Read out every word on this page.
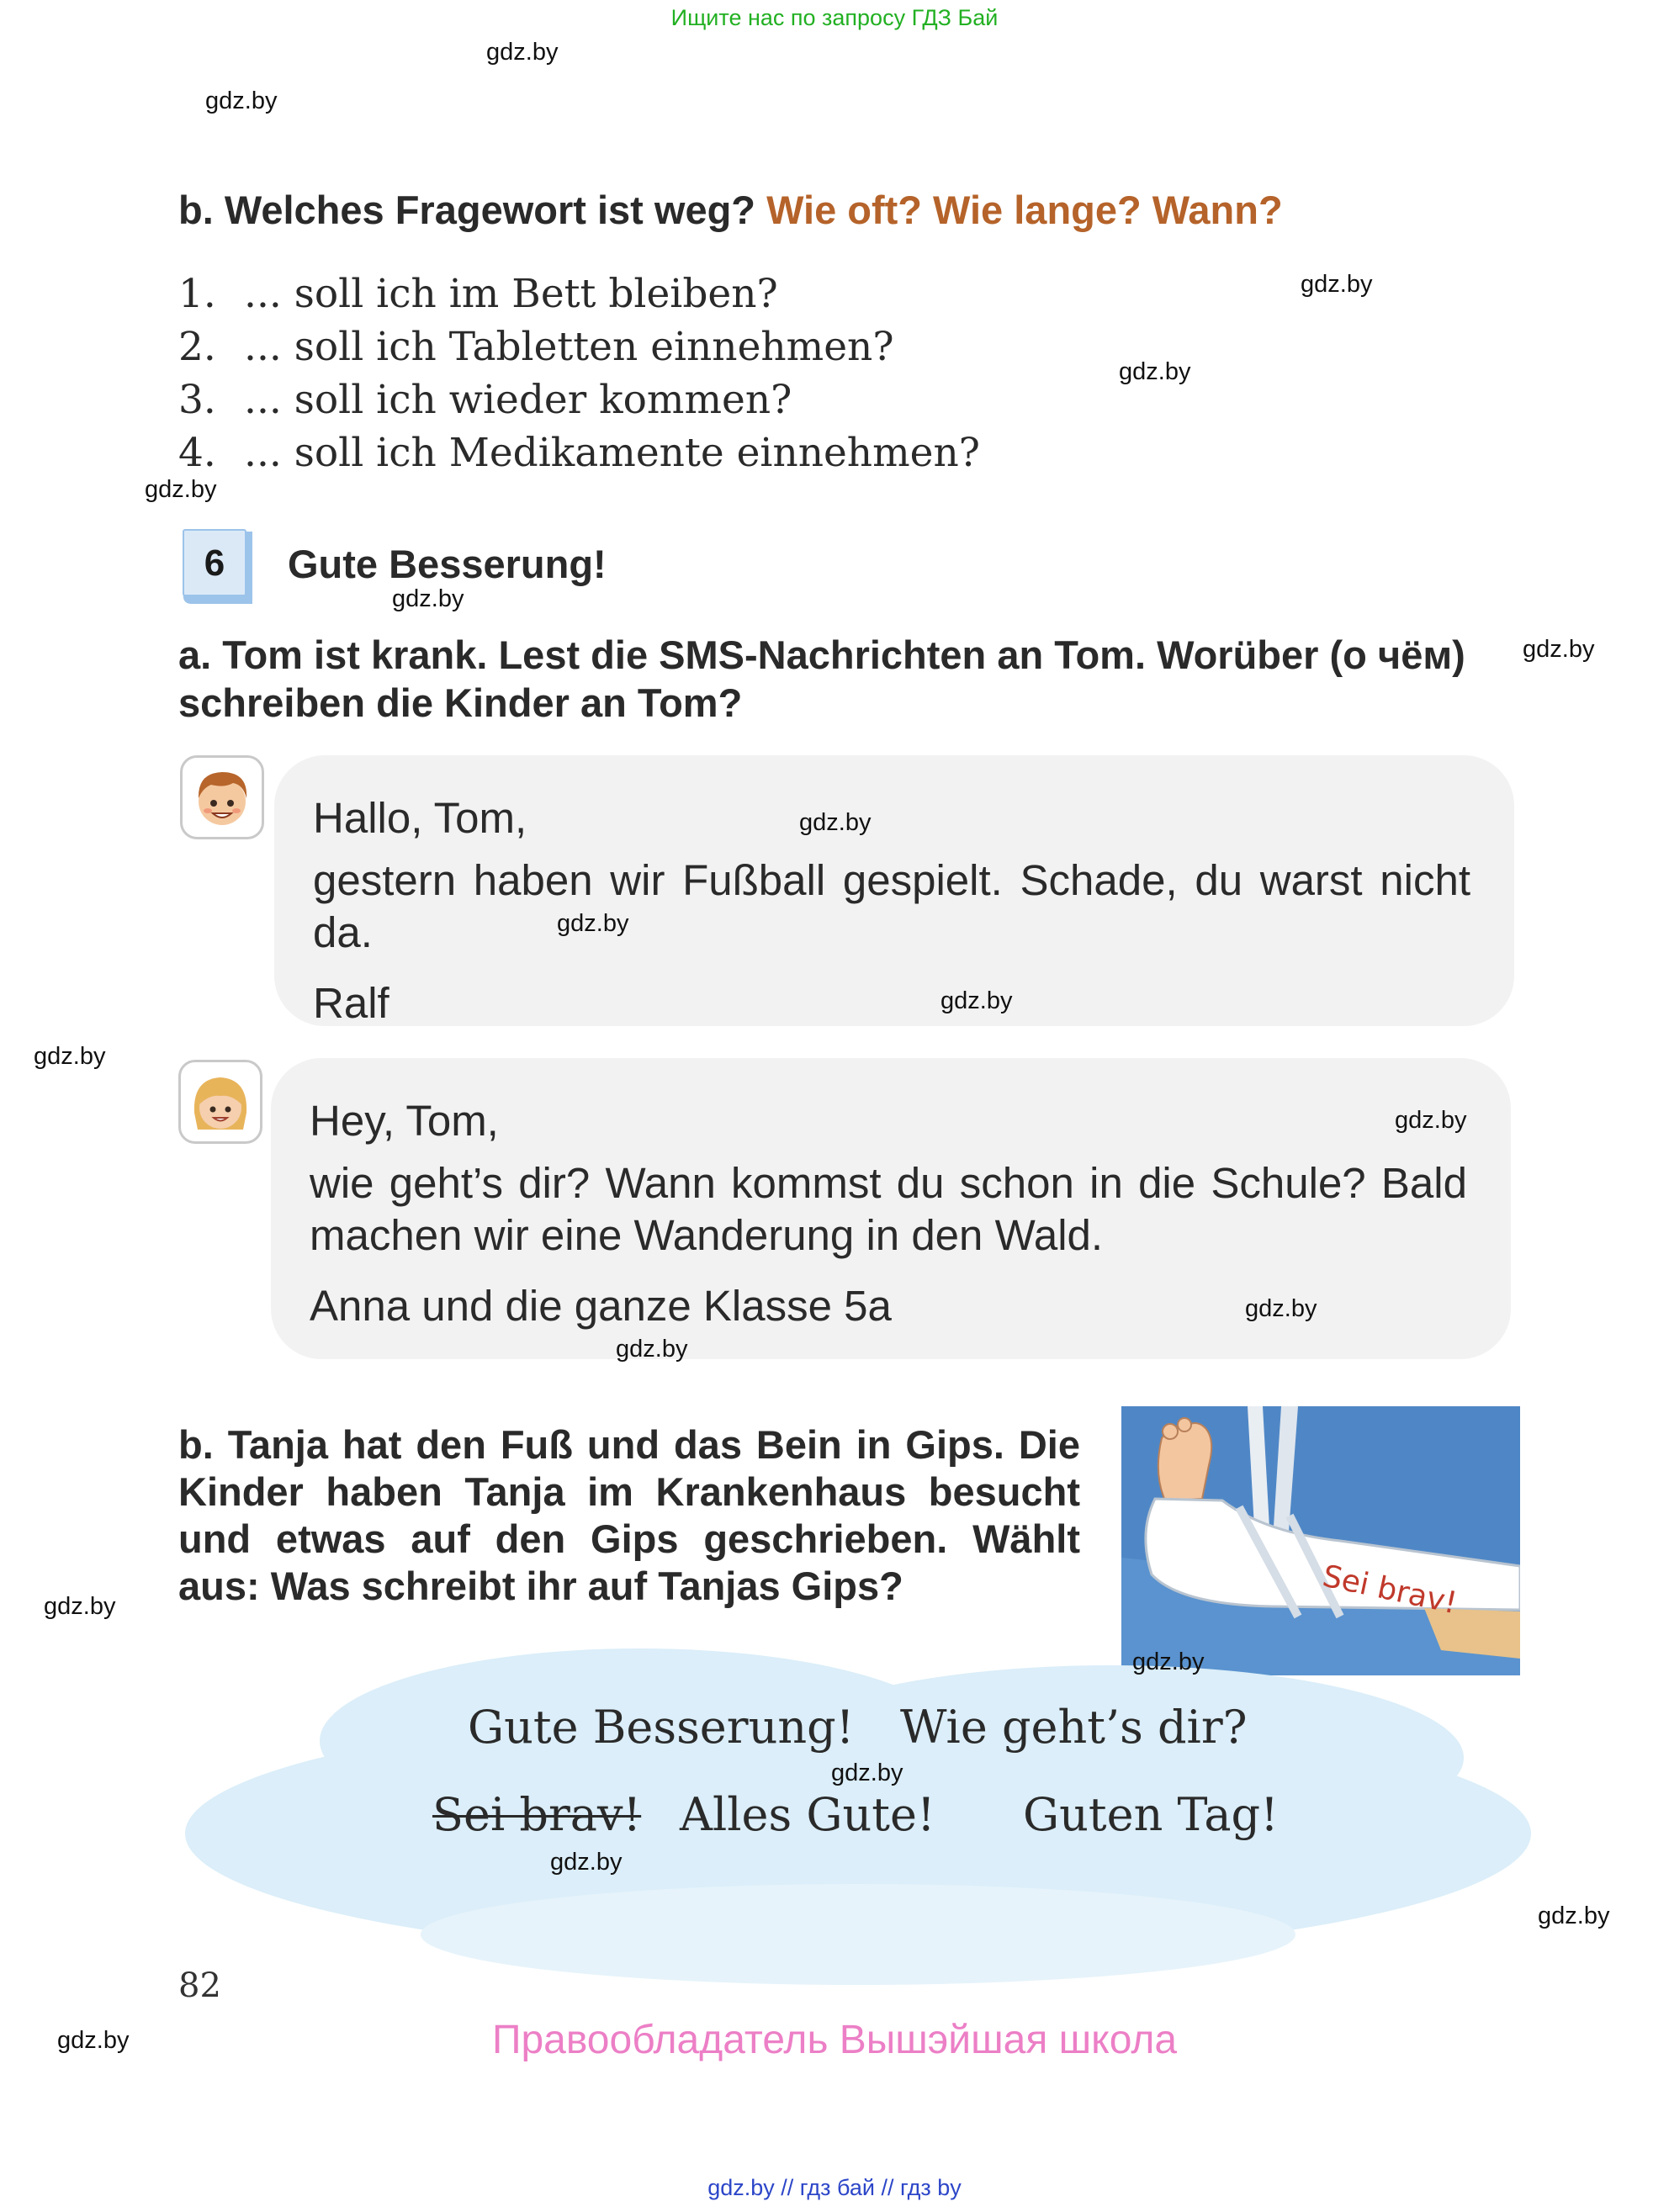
Ищите нас по запросу ГДЗ Бай
b. Welches Fragewort ist weg? Wie oft? Wie lange? Wann?
1. ... soll ich im Bett bleiben?
2. ... soll ich Tabletten einnehmen?
3. ... soll ich wieder kommen?
4. ... soll ich Medikamente einnehmen?
6 Gute Besserung!
a. Tom ist krank. Lest die SMS-Nachrichten an Tom. Worüber (о чём) schreiben die Kinder an Tom?
Hallo, Tom,
gestern haben wir Fußball gespielt. Schade, du warst nicht da.
Ralf
Hey, Tom,
wie geht’s dir? Wann kommst du schon in die Schule? Bald machen wir eine Wanderung in den Wald.
Anna und die ganze Klasse 5a
b. Tanja hat den Fuß und das Bein in Gips. Die Kinder haben Tanja im Krankenhaus besucht und etwas auf den Gips geschrieben. Wählt aus: Was schreibt ihr auf Tanjas Gips?	Sei brav!
Gute Besserung! Wie geht’s dir?
Sei brav! Alles Gute! Guten Tag!
82
Правообладатель Вышэйшая школа
gdz.by // гдз бай // гдз by
gdz.by
gdz.by
gdz.by
gdz.by
gdz.by
gdz.by
gdz.by
gdz.by
gdz.by
gdz.by
gdz.by
gdz.by
gdz.by
gdz.by
gdz.by
gdz.by
gdz.by
gdz.by
gdz.by
gdz.by
